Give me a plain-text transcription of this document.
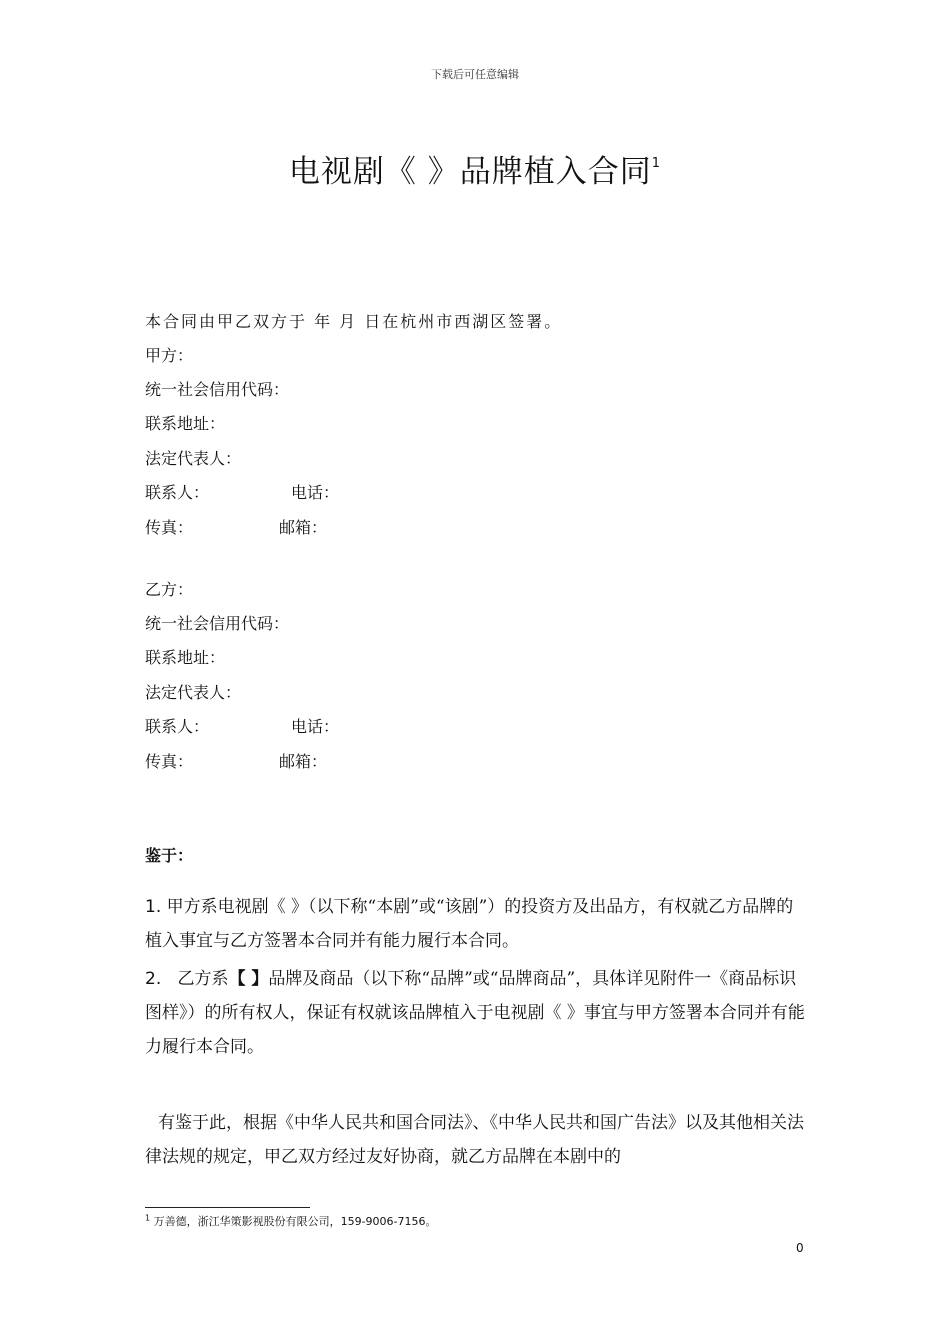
下载后可任意编辑
电视剧《 》品牌植入合同$^1$
本合同由甲乙双方于 年 月 日在杭州市西湖区签署。
甲方：
统一社会信用代码：
联系地址：
法定代表人：
联系人：	电话：
传真：	邮箱：
乙方：
统一社会信用代码：
联系地址：
法定代表人：
联系人：	电话：
传真：	邮箱：
鉴于：
1. 甲方系电视剧《 》（以下称“本剧”或“该剧”）的投资方及出品方，有权就乙方品牌的植入事宜与乙方签署本合同并有能力履行本合同。
2. 乙方系【 】品牌及商品（以下称“品牌”或“品牌商品”，具体详见附件一《商品标识图样》）的所有权人，保证有权就该品牌植入于电视剧《 》事宜与甲方签署本合同并有能力履行本合同。
有鉴于此，根据《中华人民共和国合同法》、《中华人民共和国广告法》以及其他相关法律法规的规定，甲乙双方经过友好协商，就乙方品牌在本剧中的
$^1$ 万善德，浙江华策影视股份有限公司，159-9006-7156。
0
